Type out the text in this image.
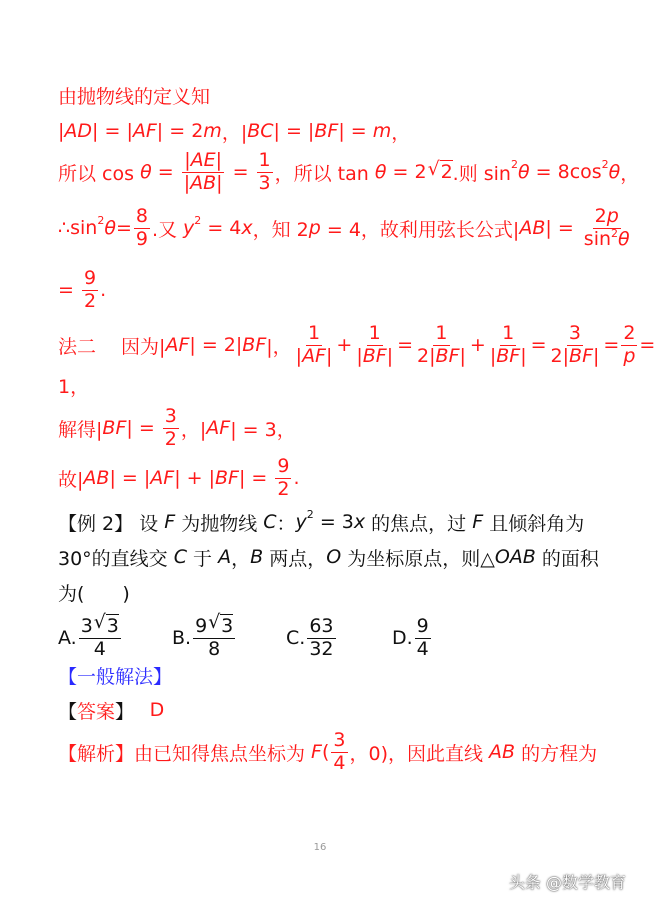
由抛物线的定义知
| AD | = | AF | = 2 m ，| BC | = | BF | = m ，
所以 $\cos \theta = \frac{|AE|}{|AB|} = \frac{1}{3}$ ，所以 tan θ = 2 √ 2 .则 sin 2 θ = 8cos 2 θ ，
∴sin 2 $\theta = \frac{8}{9}$ .又 y 2 = 4 x ，知 2 p = 4，故利用弦长公式| AB | = $\frac{2p}{\sin^2\theta}$
= $\frac{9}{2}$ .
法二　 因为| AF | = 2| BF |， $\frac{1}{|AF|} + \frac{1}{|BF|} = \frac{1}{2|BF|} + \frac{1}{|BF|} = \frac{3}{2|BF|} = \frac{2}{p}$ =
1，
解得| BF | = $\frac{3}{2}$ ，| AF | = 3，
故| AB | = | AF | + | BF | = $\frac{9}{2}$ .
【例 2】 设 F 为抛物线 C ： y 2 = 3 x 的焦点，过 F 且倾斜角为
30°的直线交 C 于 A ， B 两点， O 为坐标原点，则△ OAB 的面积
为(　　)
【一般解法】
【 答案 】　 D
【解析】由已知得焦点坐标为 F ( $\frac{3}{4}$ ，0)，因此直线 AB 的方程为
A. $\frac{3 √ 3}{4}$	B. $\frac{9 √ 3}{8}$	C. $\frac{63}{32}$	D. $\frac{9}{4}$
16
头条 @数学教育
